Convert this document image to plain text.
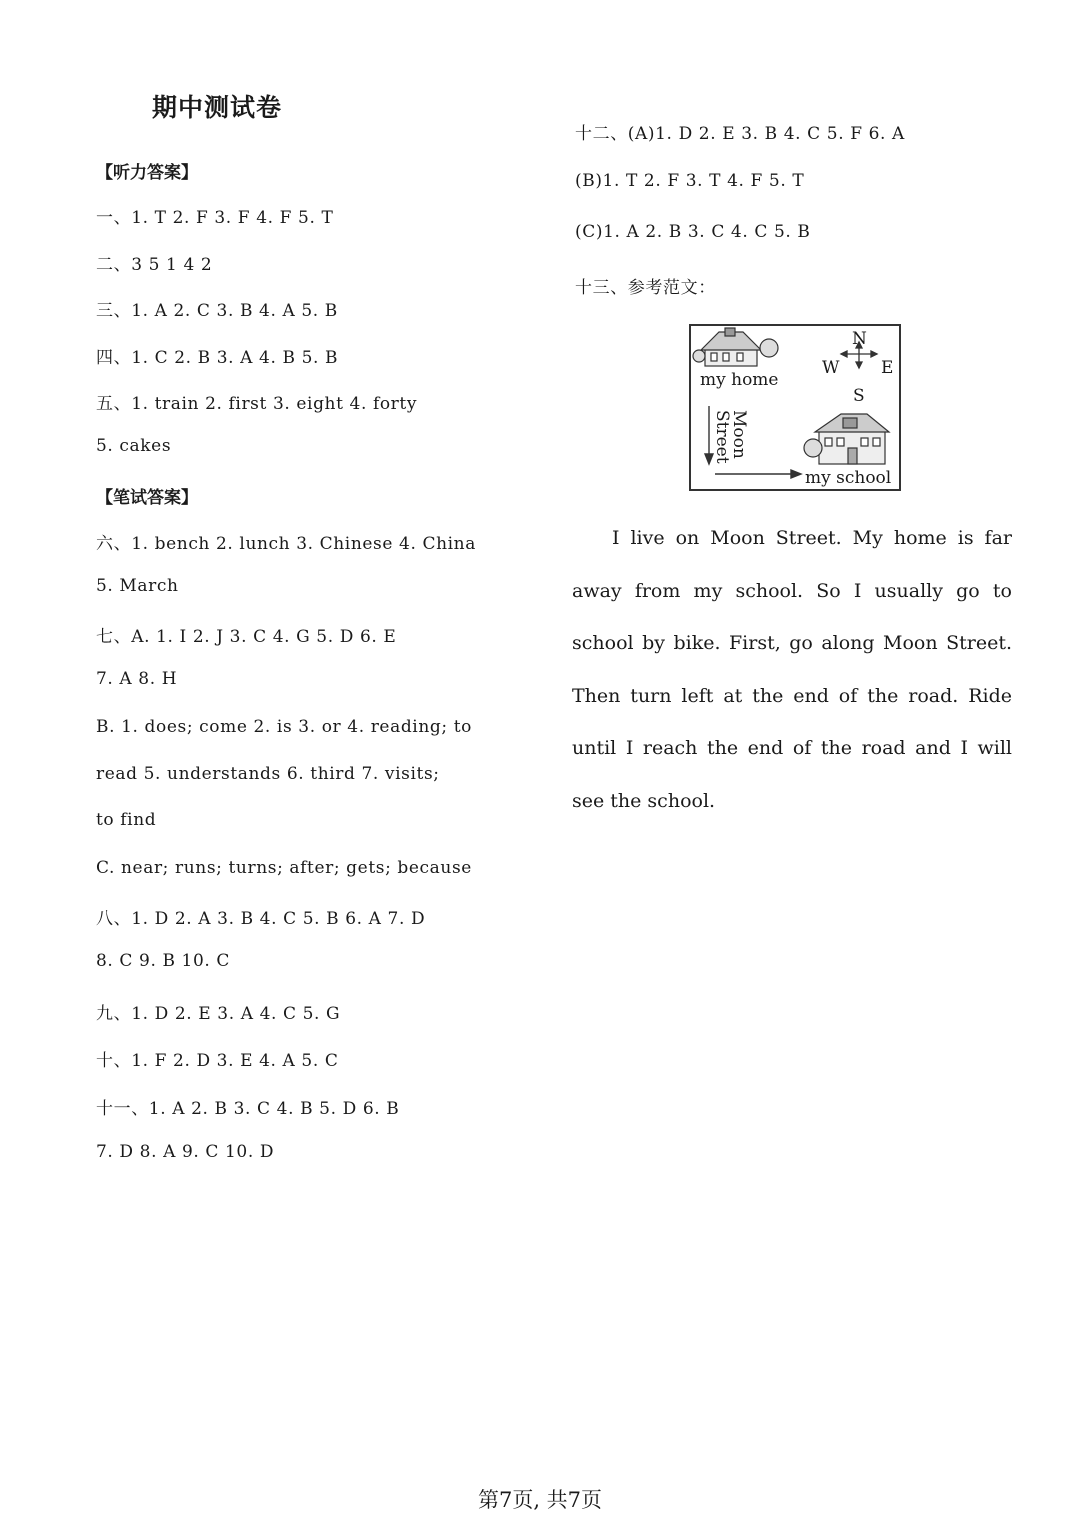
期中测试卷
【听力答案】
一、1. T 2. F 3. F 4. F 5. T
二、3 5 1 4 2
三、1. A 2. C 3. B 4. A 5. B
四、1. C 2. B 3. A 4. B 5. B
五、1. train 2. first 3. eight 4. forty
5. cakes
【笔试答案】
六、1. bench 2. lunch 3. Chinese 4. China
5. March
七、A. 1. I 2. J 3. C 4. G 5. D 6. E
7. A 8. H
B. 1. does; come 2. is 3. or 4. reading; to
read 5. understands 6. third 7. visits;
to find
C. near; runs; turns; after; gets; because
八、1. D 2. A 3. B 4. C 5. B 6. A 7. D
8. C 9. B 10. C
九、1. D 2. E 3. A 4. C 5. G
十、1. F 2. D 3. E 4. A 5. C
十一、1. A 2. B 3. C 4. B 5. D 6. B
7. D 8. A 9. C 10. D
十二、(A)1. D 2. E 3. B 4. C 5. F 6. A
(B)1. T 2. F 3. T 4. F 5. T
(C)1. A 2. B 3. C 4. C 5. B
十三、参考范文：
my home
N
W E
S
Moon Street
my school
I live on Moon Street. My home is far away from my school. So I usually go to school by bike. First, go along Moon Street. Then turn left at the end of the road. Ride until I reach the end of the road and I will see the school.
第7页, 共7页
